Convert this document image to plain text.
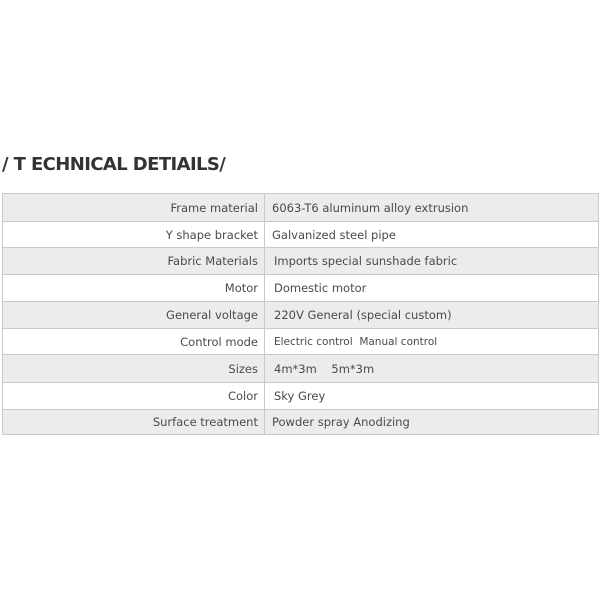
/ T ECHNICAL DETIAILS/
Frame material	6063-T6 aluminum alloy extrusion
Y shape bracket	Galvanized steel pipe
Fabric Materials	Imports special sunshade fabric
Motor	Domestic motor
General voltage	220V General (special custom)
Control mode	Electric control  Manual control
Sizes	4m*3m    5m*3m
Color	Sky Grey
Surface treatment	Powder spray Anodizing
